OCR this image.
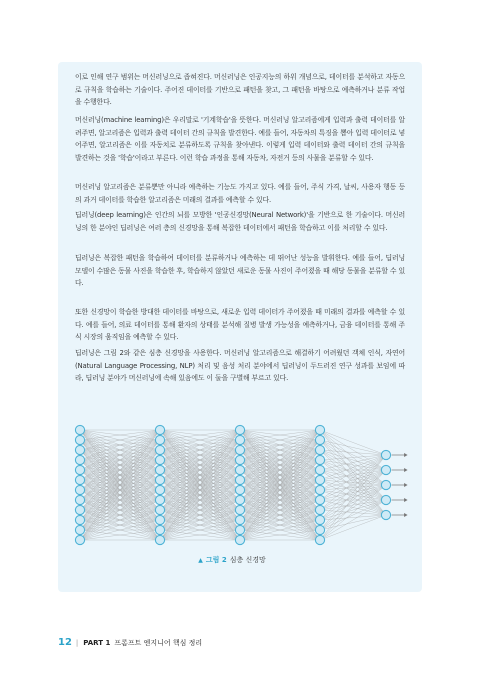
이로 인해 연구 범위는 머신러닝으로 좁혀진다. 머신러닝은 인공지능의 하위 개념으로, 데이터를 분석하고 자동으로 규칙을 학습하는 기술이다. 주어진 데이터를 기반으로 패턴을 찾고, 그 패턴을 바탕으로 예측하거나 분류 작업을 수행한다.

머신러닝(machine learning)은 우리말로 '기계학습'을 뜻한다. 머신러닝 알고리즘에게 입력과 출력 데이터를 알려주면, 알고리즘은 입력과 출력 데이터 간의 규칙을 발견한다. 예를 들어, 자동차의 특징을 뽑아 입력 데이터로 넣어주면, 알고리즘은 이를 자동치로 분류하도록 규칙을 찾아낸다. 이렇게 입력 데이터와 출력 데이터 간의 규칙을 발견하는 것을 '학습'이라고 부른다. 이런 학습 과정을 통해 자동차, 자전거 등의 사물을 분류할 수 있다.

머신러닝 알고리즘은 분류뿐만 아니라 예측하는 기능도 가지고 있다. 예를 들어, 주식 가격, 날씨, 사용자 행동 등의 과거 데이터를 학습한 알고리즘은 미래의 결과를 예측할 수 있다.

딥러닝(deep learning)은 인간의 뇌를 모방한 '인공신경망(Neural Network)'을 기반으로 한 기술이다. 머신러닝의 한 분야인 딥러닝은 여러 층의 신경망을 통해 복잡한 데이터에서 패턴을 학습하고 이를 처리할 수 있다.

딥러닝은 복잡한 패턴을 학습하여 데이터를 분류하거나 예측하는 데 뛰어난 성능을 발휘한다. 예를 들어, 딥러닝 모델이 수많은 동물 사진을 학습한 후, 학습하지 않았던 새로운 동물 사진이 주어졌을 때 해당 동물을 분류할 수 있다.

또한 신경망이 학습한 방대한 데이터를 바탕으로, 새로운 입력 데이터가 주어졌을 때 미래의 결과를 예측할 수 있다. 예를 들어, 의료 데이터를 통해 환자의 상태를 분석해 질병 발생 가능성을 예측하거나, 금융 데이터를 통해 주식 시장의 움직임을 예측할 수 있다.

딥러닝은 그림 2와 같은 심층 신경망을 사용한다. 머신러닝 알고리즘으로 해결하기 어려웠던 객체 인식, 자연어(Natural Language Processing, NLP) 처리 및 음성 처리 분야에서 딥러닝이 두드러진 연구 성과를 보임에 따라, 딥러닝 분야가 머신러닝에 속해 있음에도 이 둘을 구별해 부르고 있다.

▲ 그림 2 심층 신경망
12 | PART 1 프롬프트 엔지니어 핵심 정리
